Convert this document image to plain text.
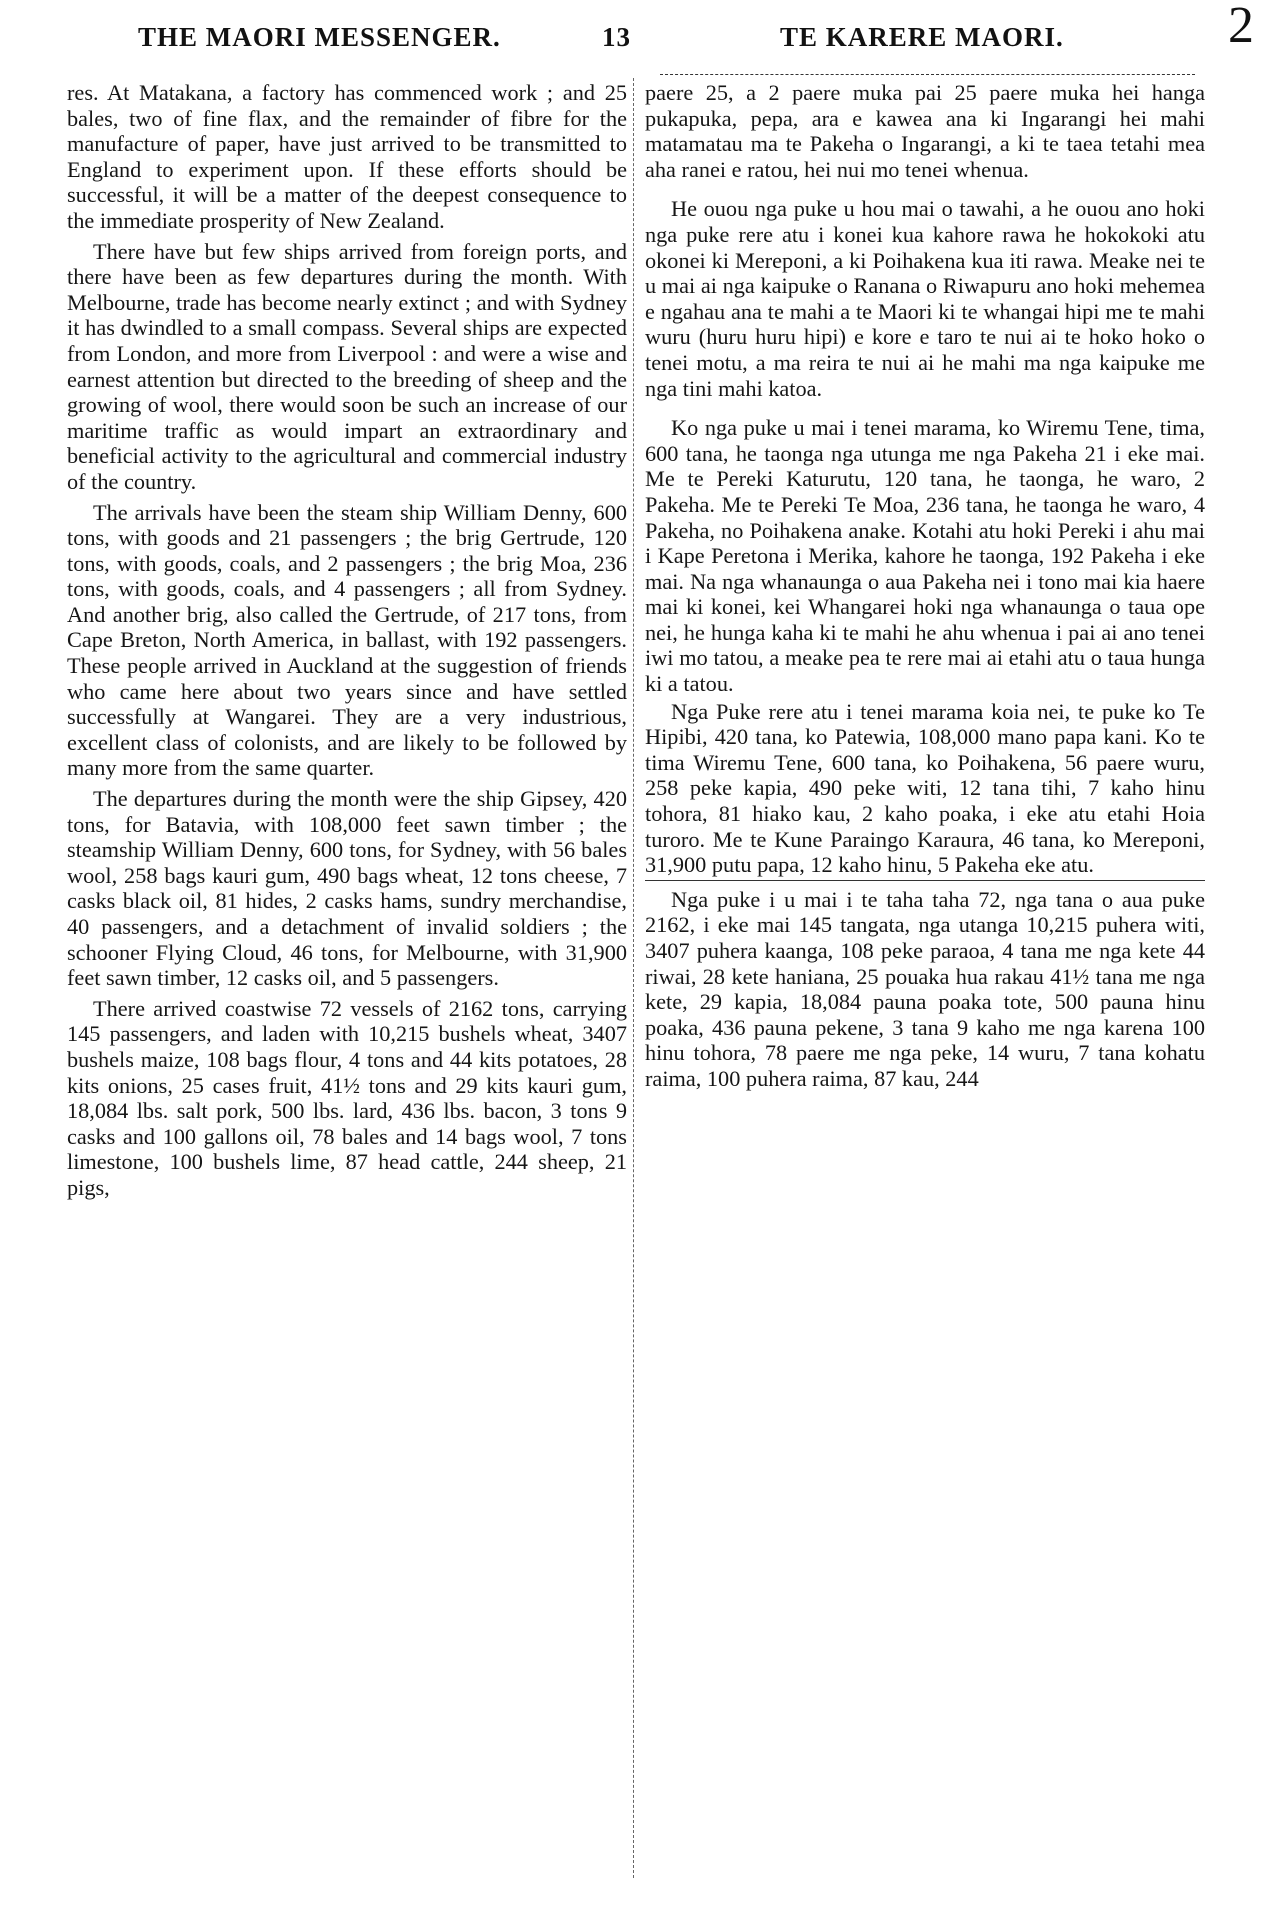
THE MAORI MESSENGER.	13	TE KARERE MAORI.	2

res. At Matakana, a factory has commenced work ; and 25 bales, two of fine flax, and the remainder of fibre for the manufacture of paper, have just arrived to be transmitted to England to experiment upon. If these efforts should be successful, it will be a matter of the deepest consequence to the immediate prosperity of New Zealand.

There have but few ships arrived from foreign ports, and there have been as few departures during the month. With Melbourne, trade has become nearly extinct ; and with Sydney it has dwindled to a small compass. Several ships are expected from London, and more from Liverpool : and were a wise and earnest attention but directed to the breeding of sheep and the growing of wool, there would soon be such an increase of our maritime traffic as would impart an extraordinary and beneficial activity to the agricultural and commercial industry of the country.

The arrivals have been the steam ship William Denny, 600 tons, with goods and 21 passengers ; the brig Gertrude, 120 tons, with goods, coals, and 2 passengers ; the brig Moa, 236 tons, with goods, coals, and 4 passengers ; all from Sydney. And another brig, also called the Gertrude, of 217 tons, from Cape Breton, North America, in ballast, with 192 passengers. These people arrived in Auckland at the suggestion of friends who came here about two years since and have settled successfully at Wangarei. They are a very industrious, excellent class of colonists, and are likely to be followed by many more from the same quarter.

The departures during the month were the ship Gipsey, 420 tons, for Batavia, with 108,000 feet sawn timber ; the steamship William Denny, 600 tons, for Sydney, with 56 bales wool, 258 bags kauri gum, 490 bags wheat, 12 tons cheese, 7 casks black oil, 81 hides, 2 casks hams, sundry merchandise, 40 passengers, and a detachment of invalid soldiers ; the schooner Flying Cloud, 46 tons, for Melbourne, with 31,900 feet sawn timber, 12 casks oil, and 5 passengers.

There arrived coastwise 72 vessels of 2162 tons, carrying 145 passengers, and laden with 10,215 bushels wheat, 3407 bushels maize, 108 bags flour, 4 tons and 44 kits potatoes, 28 kits onions, 25 cases fruit, 41½ tons and 29 kits kauri gum, 18,084 lbs. salt pork, 500 lbs. lard, 436 lbs. bacon, 3 tons 9 casks and 100 gallons oil, 78 bales and 14 bags wool, 7 tons limestone, 100 bushels lime, 87 head cattle, 244 sheep, 21 pigs,

paere 25, a 2 paere muka pai 25 paere muka hei hanga pukapuka, pepa, ara e kawea ana ki Ingarangi hei mahi matamatau ma te Pakeha o Ingarangi, a ki te taea tetahi mea aha ranei e ratou, hei nui mo tenei whenua.

He ouou nga puke u hou mai o tawahi, a he ouou ano hoki nga puke rere atu i konei kua kahore rawa he hokokoki atu okonei ki Mereponi, a ki Poihakena kua iti rawa. Meake nei te u mai ai nga kaipuke o Ranana o Riwapuru ano hoki mehemea e ngahau ana te mahi a te Maori ki te whangai hipi me te mahi wuru (huru huru hipi) e kore e taro te nui ai te hoko hoko o tenei motu, a ma reira te nui ai he mahi ma nga kaipuke me nga tini mahi katoa.

Ko nga puke u mai i tenei marama, ko Wiremu Tene, tima, 600 tana, he taonga nga utunga me nga Pakeha 21 i eke mai. Me te Pereki Katurutu, 120 tana, he taonga, he waro, 2 Pakeha. Me te Pereki Te Moa, 236 tana, he taonga he waro, 4 Pakeha, no Poihakena anake. Kotahi atu hoki Pereki i ahu mai i Kape Peretona i Merika, kahore he taonga, 192 Pakeha i eke mai. Na nga whanaunga o aua Pakeha nei i tono mai kia haere mai ki konei, kei Whangarei hoki nga whanaunga o taua ope nei, he hunga kaha ki te mahi he ahu whenua i pai ai ano tenei iwi mo tatou, a meake pea te rere mai ai etahi atu o taua hunga ki a tatou.

Nga Puke rere atu i tenei marama koia nei, te puke ko Te Hipibi, 420 tana, ko Patewia, 108,000 mano papa kani. Ko te tima Wiremu Tene, 600 tana, ko Poihakena, 56 paere wuru, 258 peke kapia, 490 peke witi, 12 tana tihi, 7 kaho hinu tohora, 81 hiako kau, 2 kaho poaka, i eke atu etahi Hoia turoro. Me te Kune Paraingo Karaura, 46 tana, ko Mereponi, 31,900 putu papa, 12 kaho hinu, 5 Pakeha eke atu.

Nga puke i u mai i te taha taha 72, nga tana o aua puke 2162, i eke mai 145 tangata, nga utanga 10,215 puhera witi, 3407 puhera kaanga, 108 peke paraoa, 4 tana me nga kete 44 riwai, 28 kete haniana, 25 pouaka hua rakau 41½ tana me nga kete, 29 kapia, 18,084 pauna poaka tote, 500 pauna hinu poaka, 436 pauna pekene, 3 tana 9 kaho me nga karena 100 hinu tohora, 78 paere me nga peke, 14 wuru, 7 tana kohatu raima, 100 puhera raima, 87 kau, 244
